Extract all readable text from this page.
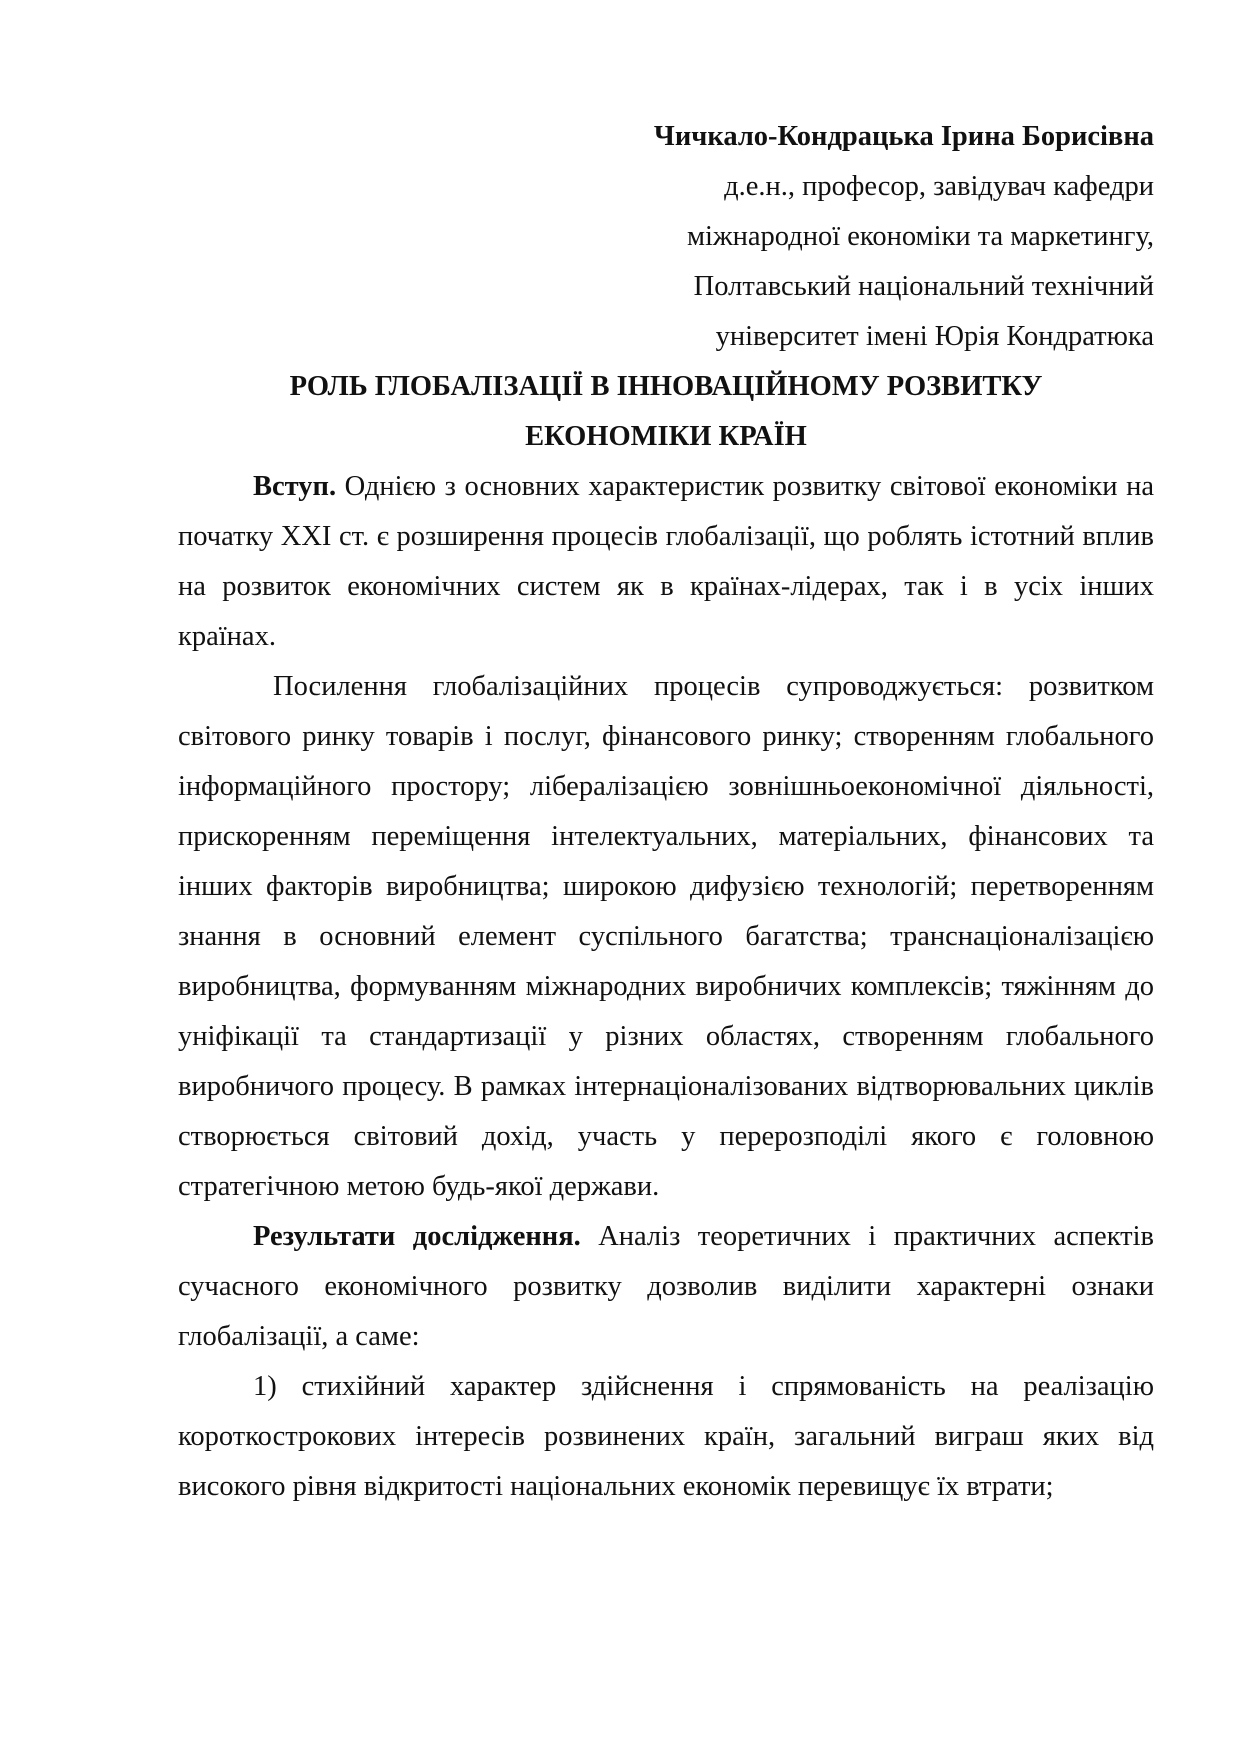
Чичкало-Кондрацька Ірина Борисівна
д.е.н., професор, завідувач кафедри
міжнародної економіки та маркетингу,
Полтавський національний технічний
університет імені Юрія Кондратюка
РОЛЬ ГЛОБАЛІЗАЦІЇ В ІННОВАЦІЙНОМУ РОЗВИТКУ
ЕКОНОМІКИ КРАЇН

Вступ. Однією з основних характеристик розвитку світової економіки на початку XXI ст. є розширення процесів глобалізації, що роблять істотний вплив на розвиток економічних систем як в країнах-лідерах, так і в усіх інших країнах.

Посилення глобалізаційних процесів супроводжується: розвитком світового ринку товарів і послуг, фінансового ринку; створенням глобального інформаційного простору; лібералізацією зовнішньоекономічної діяльності, прискоренням переміщення інтелектуальних, матеріальних, фінансових та інших факторів виробництва; широкою дифузією технологій; перетворенням знання в основний елемент суспільного багатства; транснаціоналізацією виробництва, формуванням міжнародних виробничих комплексів; тяжінням до уніфікації та стандартизації у різних областях, створенням глобального виробничого процесу. В рамках інтернаціоналізованих відтворювальних циклів створюється світовий дохід, участь у перерозподілі якого є головною стратегічною метою будь-якої держави.

Результати дослідження. Аналіз теоретичних і практичних аспектів сучасного економічного розвитку дозволив виділити характерні ознаки глобалізації, а саме:

1) стихійний характер здійснення і спрямованість на реалізацію короткострокових інтересів розвинених країн, загальний виграш яких від високого рівня відкритості національних економік перевищує їх втрати;
